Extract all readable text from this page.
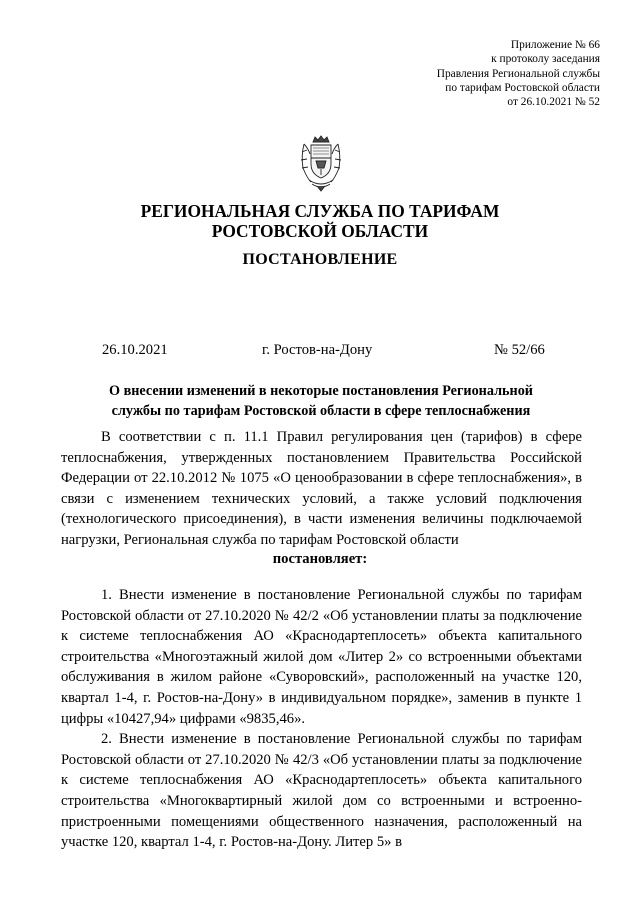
Приложение № 66
к протоколу заседания
Правления Региональной службы
по тарифам Ростовской области
от 26.10.2021 № 52
РЕГИОНАЛЬНАЯ СЛУЖБА ПО ТАРИФАМ
РОСТОВСКОЙ ОБЛАСТИ
ПОСТАНОВЛЕНИЕ
26.10.2021	г. Ростов-на-Дону	№ 52/66
О внесении изменений в некоторые постановления Региональной
службы по тарифам Ростовской области в сфере теплоснабжения

В соответствии с п. 11.1 Правил регулирования цен (тарифов) в сфере теплоснабжения, утвержденных постановлением Правительства Российской Федерации от 22.10.2012 № 1075 «О ценообразовании в сфере теплоснабжения», в связи с изменением технических условий, а также условий подключения (технологического присоединения), в части изменения величины подключаемой нагрузки, Региональная служба по тарифам Ростовской области

постановляет:

1. Внести изменение в постановление Региональной службы по тарифам Ростовской области от 27.10.2020 № 42/2 «Об установлении платы за подключение к системе теплоснабжения АО «Краснодартеплосеть» объекта капитального строительства «Многоэтажный жилой дом «Литер 2» со встроенными объектами обслуживания в жилом районе «Суворовский», расположенный на участке 120, квартал 1-4, г. Ростов-на-Дону» в индивидуальном порядке», заменив в пункте 1 цифры «10427,94» цифрами «9835,46».

2. Внести изменение в постановление Региональной службы по тарифам Ростовской области от 27.10.2020 № 42/3 «Об установлении платы за подключение к системе теплоснабжения АО «Краснодартеплосеть» объекта капитального строительства «Многоквартирный жилой дом со встроенными и встроенно-пристроенными помещениями общественного назначения, расположенный на участке 120, квартал 1-4, г. Ростов-на-Дону. Литер 5» в
